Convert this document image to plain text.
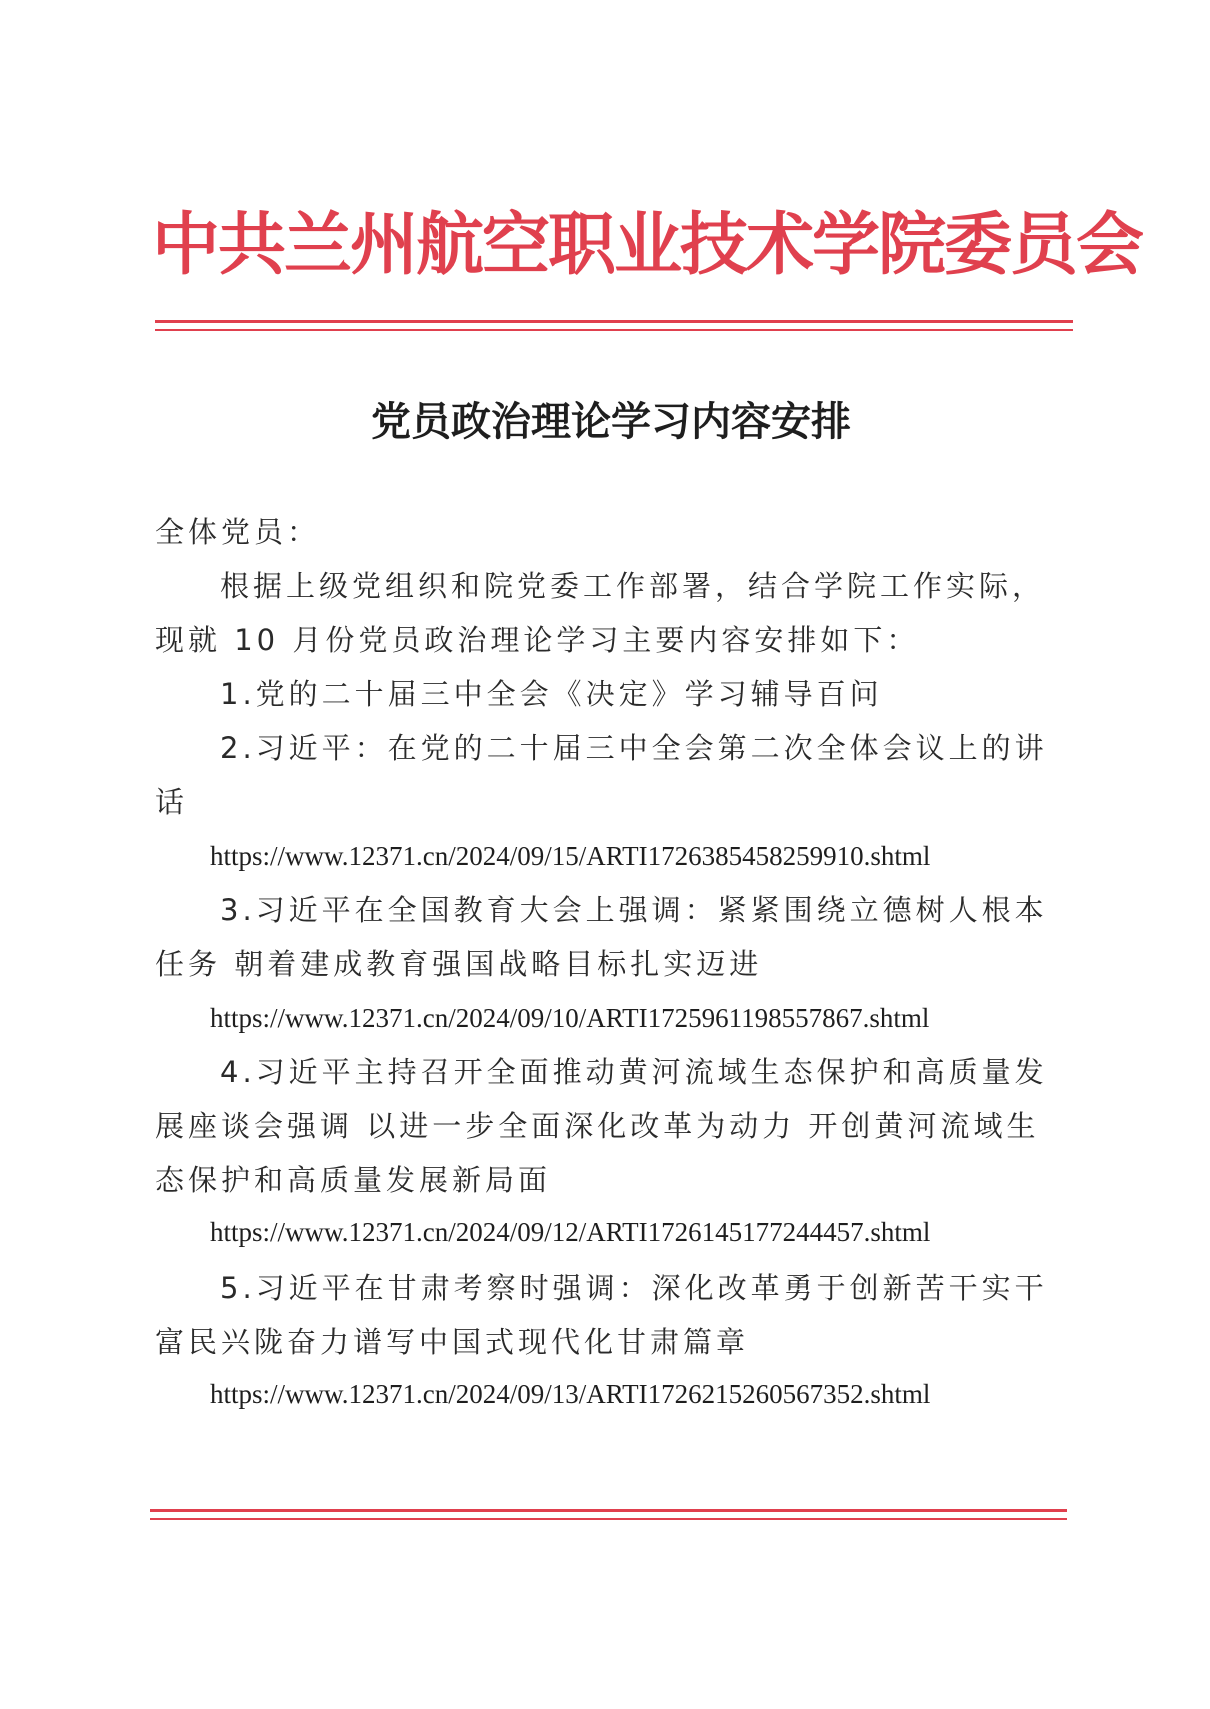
中共兰州航空职业技术学院委员会
党员政治理论学习内容安排
全体党员：
根据上级党组织和院党委工作部署，结合学院工作实际，
现就 10 月份党员政治理论学习主要内容安排如下：
1.党的二十届三中全会《决定》学习辅导百问
2.习近平：在党的二十届三中全会第二次全体会议上的讲
话
https://www.12371.cn/2024/09/15/ARTI1726385458259910.shtml
3.习近平在全国教育大会上强调：紧紧围绕立德树人根本
任务 朝着建成教育强国战略目标扎实迈进
https://www.12371.cn/2024/09/10/ARTI1725961198557867.shtml
4.习近平主持召开全面推动黄河流域生态保护和高质量发
展座谈会强调 以进一步全面深化改革为动力 开创黄河流域生
态保护和高质量发展新局面
https://www.12371.cn/2024/09/12/ARTI1726145177244457.shtml
5.习近平在甘肃考察时强调：深化改革勇于创新苦干实干
富民兴陇奋力谱写中国式现代化甘肃篇章
https://www.12371.cn/2024/09/13/ARTI1726215260567352.shtml
